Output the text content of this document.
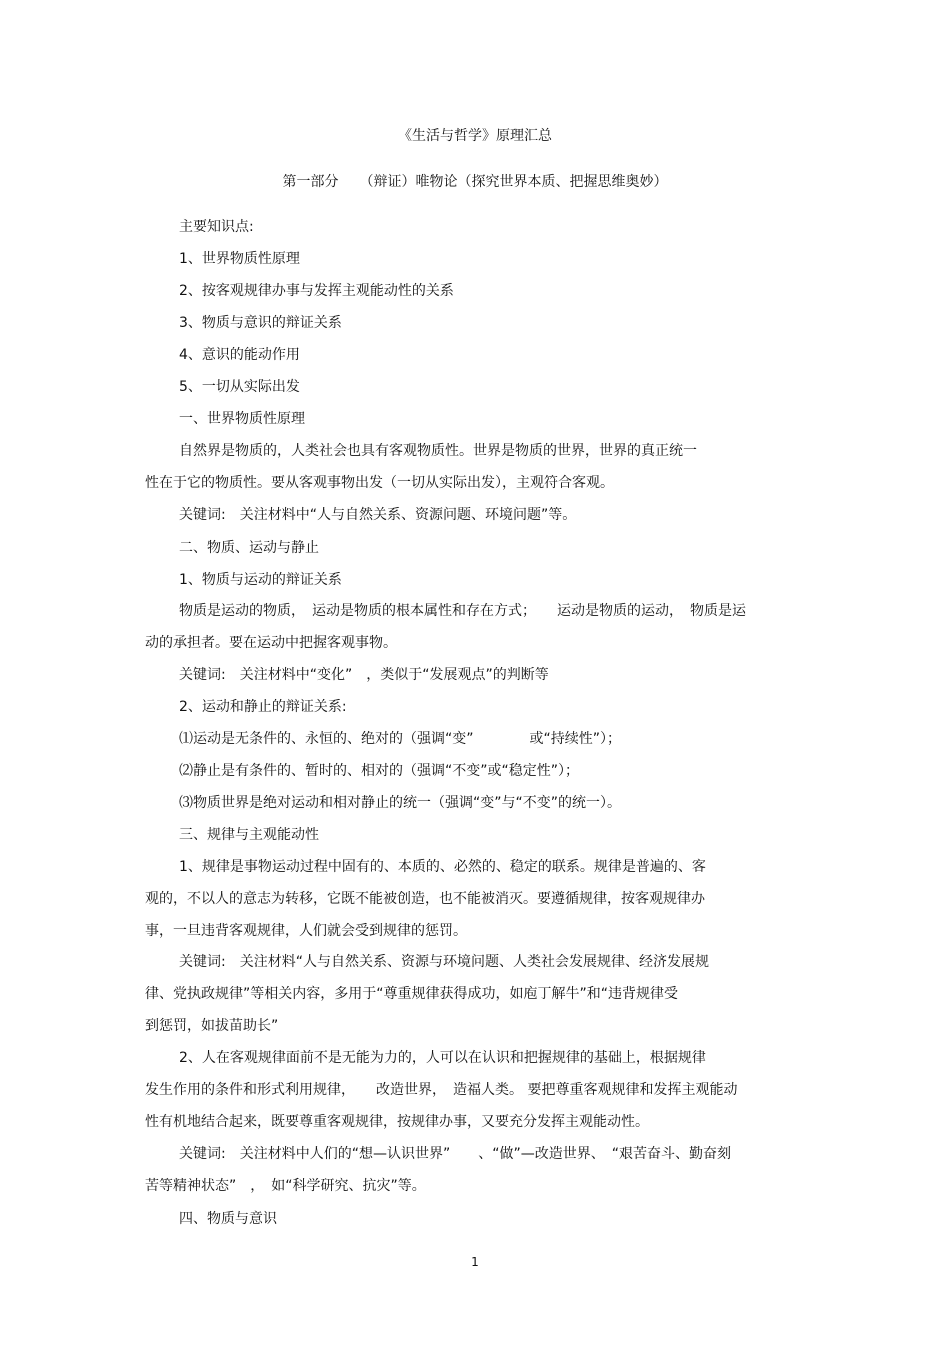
《生活与哲学》原理汇总
第一部分　　（辩证）唯物论（探究世界本质、把握思维奥妙）
主要知识点:
1、世界物质性原理
2、按客观规律办事与发挥主观能动性的关系
3、物质与意识的辩证关系
4、意识的能动作用
5、一切从实际出发
一、世界物质性原理
自然界是物质的，人类社会也具有客观物质性。世界是物质的世界，世界的真正统一
性在于它的物质性。要从客观事物出发（一切从实际出发），主观符合客观。
关键词:　关注材料中“人与自然关系、资源问题、环境问题”等。
二、物质、运动与静止
1、物质与运动的辩证关系
物质是运动的物质，　运动是物质的根本属性和存在方式；　　运动是物质的运动，　物质是运
动的承担者。要在运动中把握客观事物。
关键词:　关注材料中“变化”　，类似于“发展观点”的判断等
2、运动和静止的辩证关系:
⑴运动是无条件的、永恒的、绝对的（强调“变”　　　　或“持续性”）；
⑵静止是有条件的、暂时的、相对的（强调“不变”或“稳定性”）；
⑶物质世界是绝对运动和相对静止的统一（强调“变”与“不变”的统一）。
三、规律与主观能动性
1、规律是事物运动过程中固有的、本质的、必然的、稳定的联系。规律是普遍的、客
观的，不以人的意志为转移，它既不能被创造，也不能被消灭。要遵循规律，按客观规律办
事，一旦违背客观规律，人们就会受到规律的惩罚。
关键词:　关注材料“人与自然关系、资源与环境问题、人类社会发展规律、经济发展规
律、党执政规律”等相关内容，多用于“尊重规律获得成功，如庖丁解牛”和“违背规律受
到惩罚，如拔苗助长”
2、人在客观规律面前不是无能为力的，人可以在认识和把握规律的基础上，根据规律
发生作用的条件和形式利用规律，　　改造世界，　造福人类。 要把尊重客观规律和发挥主观能动
性有机地结合起来，既要尊重客观规律，按规律办事，又要充分发挥主观能动性。
关键词:　关注材料中人们的“想—认识世界”　　、“做”—改造世界、　“艰苦奋斗、勤奋刻
苦等精神状态”　，　如“科学研究、抗灾”等。
四、物质与意识
1
